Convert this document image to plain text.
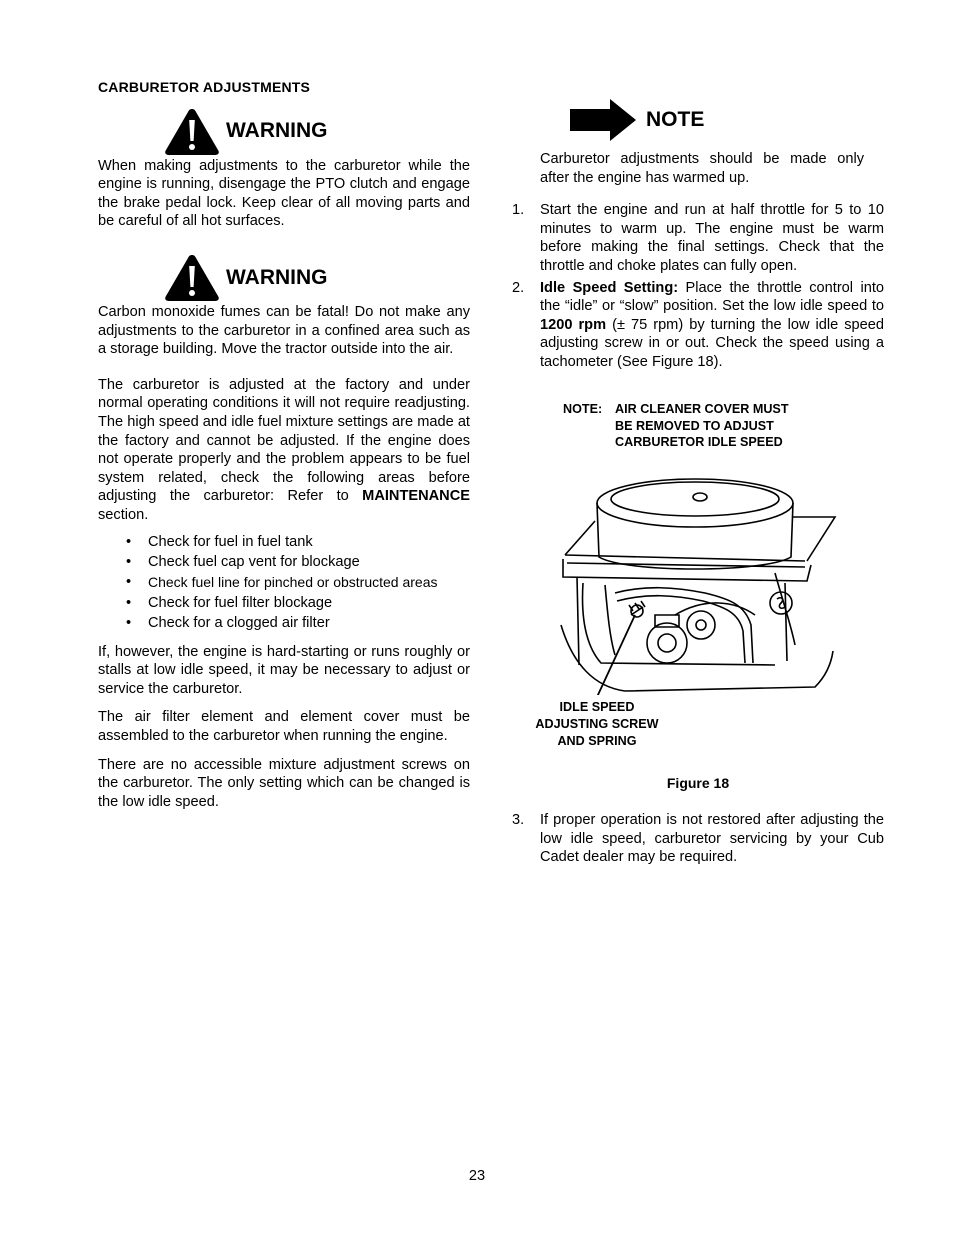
CARBURETOR ADJUSTMENTS
WARNING

When making adjustments to the carburetor while the engine is running, disengage the PTO clutch and engage the brake pedal lock. Keep clear of all moving parts and be careful of all hot surfaces.

WARNING

Carbon monoxide fumes can be fatal! Do not make any adjustments to the carburetor in a confined area such as a storage building. Move the tractor outside into the air.

The carburetor is adjusted at the factory and under normal operating conditions it will not require readjusting. The high speed and idle fuel mixture settings are made at the factory and cannot be adjusted. If the engine does not operate properly and the problem appears to be fuel system related, check the following areas before adjusting the carburetor: Refer to MAINTENANCE section.

•	Check for fuel in fuel tank
•	Check fuel cap vent for blockage
•	Check fuel line for pinched or obstructed areas
•	Check for fuel filter blockage
•	Check for a clogged air filter

If, however, the engine is hard-starting or runs roughly or stalls at low idle speed, it may be necessary to adjust or service the carburetor.

The air filter element and element cover must be assembled to the carburetor when running the engine.

There are no accessible mixture adjustment screws on the carburetor. The only setting which can be changed is the low idle speed.

NOTE

Carburetor adjustments should be made only after the engine has warmed up.

1.	Start the engine and run at half throttle for 5 to 10 minutes to warm up. The engine must be warm before making the final settings. Check that the throttle and choke plates can fully open.
2.	Idle Speed Setting: Place the throttle control into the “idle” or “slow” position. Set the low idle speed to 1200 rpm (± 75 rpm) by turning the low idle speed adjusting screw in or out. Check the speed using a tachometer (See Figure 18).
NOTE: AIR CLEANER COVER MUST
BE REMOVED TO ADJUST
CARBURETOR IDLE SPEED
IDLE SPEED
ADJUSTING SCREW
AND SPRING
Figure 18
3.	If proper operation is not restored after adjusting the low idle speed, carburetor servicing by your Cub Cadet dealer may be required.
23
